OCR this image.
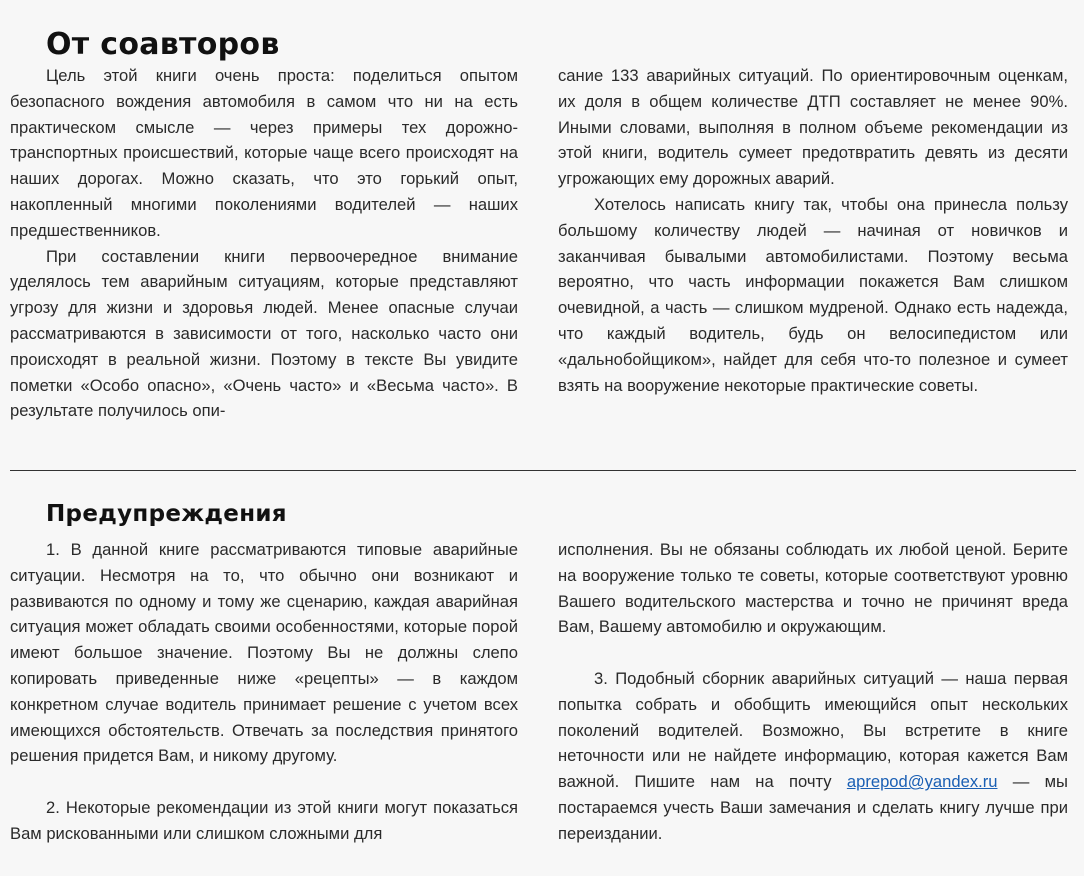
От соавторов

Цель этой книги очень проста: поделиться опытом безопасного вождения автомобиля в самом что ни на есть практическом смысле — через примеры тех дорожно-транспортных происшествий, которые чаще всего происходят на наших дорогах. Можно сказать, что это горький опыт, накопленный многими поколениями водителей — наших предшественников.

При составлении книги первоочередное внимание уделялось тем аварийным ситуациям, которые представляют угрозу для жизни и здоровья людей. Менее опасные случаи рассматриваются в зависимости от того, насколько часто они происходят в реальной жизни. Поэтому в тексте Вы увидите пометки «Особо опасно», «Очень часто» и «Весьма часто». В результате получилось опи-

сание 133 аварийных ситуаций. По ориентировочным оценкам, их доля в общем количестве ДТП составляет не менее 90%. Иными словами, выполняя в полном объеме рекомендации из этой книги, водитель сумеет предотвратить девять из десяти угрожающих ему дорожных аварий.

Хотелось написать книгу так, чтобы она принесла пользу большому количеству людей — начиная от новичков и заканчивая бывалыми автомобилистами. Поэтому весьма вероятно, что часть информации покажется Вам слишком очевидной, а часть — слишком мудреной. Однако есть надежда, что каждый водитель, будь он велосипедистом или «дальнобойщиком», найдет для себя что-то полезное и сумеет взять на вооружение некоторые практические советы.

Предупреждения

1. В данной книге рассматриваются типовые аварийные ситуации. Несмотря на то, что обычно они возникают и развиваются по одному и тому же сценарию, каждая аварийная ситуация может обладать своими особенностями, которые порой имеют большое значение. Поэтому Вы не должны слепо копировать приведенные ниже «рецепты» — в каждом конкретном случае водитель принимает решение с учетом всех имеющихся обстоятельств. Отвечать за последствия принятого решения придется Вам, и никому другому.

2. Некоторые рекомендации из этой книги могут показаться Вам рискованными или слишком сложными для

исполнения. Вы не обязаны соблюдать их любой ценой. Берите на вооружение только те советы, которые соответствуют уровню Вашего водительского мастерства и точно не причинят вреда Вам, Вашему автомобилю и окружающим.

3. Подобный сборник аварийных ситуаций — наша первая попытка собрать и обобщить имеющийся опыт нескольких поколений водителей. Возможно, Вы встретите в книге неточности или не найдете информацию, которая кажется Вам важной. Пишите нам на почту aprepod@yandex.ru — мы постараемся учесть Ваши замечания и сделать книгу лучше при переиздании.
